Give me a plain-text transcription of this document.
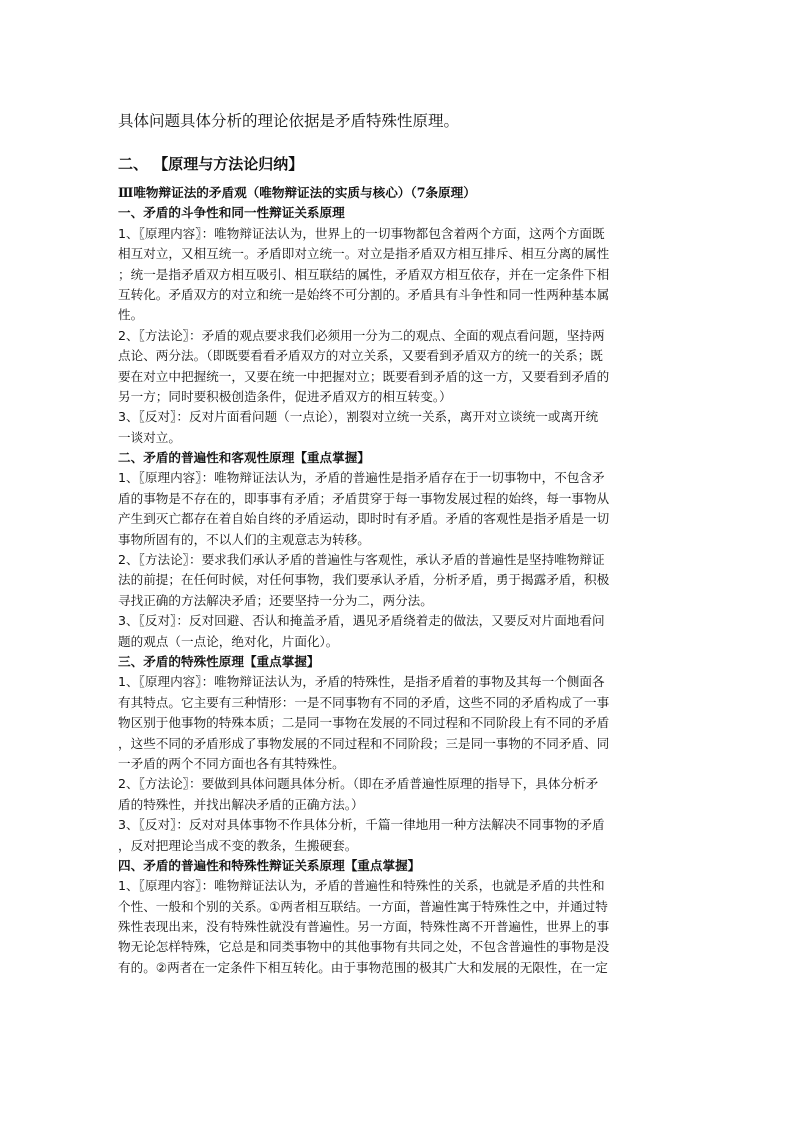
具体问题具体分析的理论依据是矛盾特殊性原理。
二、 【原理与方法论归纳】
Ⅲ唯物辩证法的矛盾观（唯物辩证法的实质与核心）（7条原理）
一、矛盾的斗争性和同一性辩证关系原理
1、〖原理内容〗：唯物辩证法认为，世界上的一切事物都包含着两个方面，这两个方面既
相互对立，又相互统一。矛盾即对立统一。对立是指矛盾双方相互排斥、相互分离的属性
；统一是指矛盾双方相互吸引、相互联结的属性，矛盾双方相互依存，并在一定条件下相
互转化。矛盾双方的对立和统一是始终不可分割的。矛盾具有斗争性和同一性两种基本属
性。
2、〖方法论〗：矛盾的观点要求我们必须用一分为二的观点、全面的观点看问题，坚持两
点论、两分法。（即既要看看矛盾双方的对立关系，又要看到矛盾双方的统一的关系；既
要在对立中把握统一，又要在统一中把握对立；既要看到矛盾的这一方，又要看到矛盾的
另一方；同时要积极创造条件，促进矛盾双方的相互转变。）
3、〖反对〗：反对片面看问题（一点论），割裂对立统一关系，离开对立谈统一或离开统
一谈对立。
二、矛盾的普遍性和客观性原理【重点掌握】
1、〖原理内容〗：唯物辩证法认为，矛盾的普遍性是指矛盾存在于一切事物中，不包含矛
盾的事物是不存在的，即事事有矛盾；矛盾贯穿于每一事物发展过程的始终，每一事物从
产生到灭亡都存在着自始自终的矛盾运动，即时时有矛盾。矛盾的客观性是指矛盾是一切
事物所固有的，不以人们的主观意志为转移。
2、〖方法论〗：要求我们承认矛盾的普遍性与客观性，承认矛盾的普遍性是坚持唯物辩证
法的前提；在任何时候，对任何事物，我们要承认矛盾，分析矛盾，勇于揭露矛盾，积极
寻找正确的方法解决矛盾；还要坚持一分为二，两分法。
3、〖反对〗：反对回避、否认和掩盖矛盾，遇见矛盾绕着走的做法，又要反对片面地看问
题的观点（一点论，绝对化，片面化）。
三、矛盾的特殊性原理【重点掌握】
1、〖原理内容〗：唯物辩证法认为，矛盾的特殊性，是指矛盾着的事物及其每一个侧面各
有其特点。它主要有三种情形：一是不同事物有不同的矛盾，这些不同的矛盾构成了一事
物区别于他事物的特殊本质；二是同一事物在发展的不同过程和不同阶段上有不同的矛盾
，这些不同的矛盾形成了事物发展的不同过程和不同阶段；三是同一事物的不同矛盾、同
一矛盾的两个不同方面也各有其特殊性。
2、〖方法论〗：要做到具体问题具体分析。（即在矛盾普遍性原理的指导下，具体分析矛
盾的特殊性，并找出解决矛盾的正确方法。）
3、〖反对〗：反对对具体事物不作具体分析，千篇一律地用一种方法解决不同事物的矛盾
，反对把理论当成不变的教条，生搬硬套。
四、矛盾的普遍性和特殊性辩证关系原理【重点掌握】
1、〖原理内容〗：唯物辩证法认为，矛盾的普遍性和特殊性的关系，也就是矛盾的共性和
个性、一般和个别的关系。①两者相互联结。一方面，普遍性寓于特殊性之中，并通过特
殊性表现出来，没有特殊性就没有普遍性。另一方面，特殊性离不开普遍性，世界上的事
物无论怎样特殊，它总是和同类事物中的其他事物有共同之处，不包含普遍性的事物是没
有的。②两者在一定条件下相互转化。由于事物范围的极其广大和发展的无限性，在一定
